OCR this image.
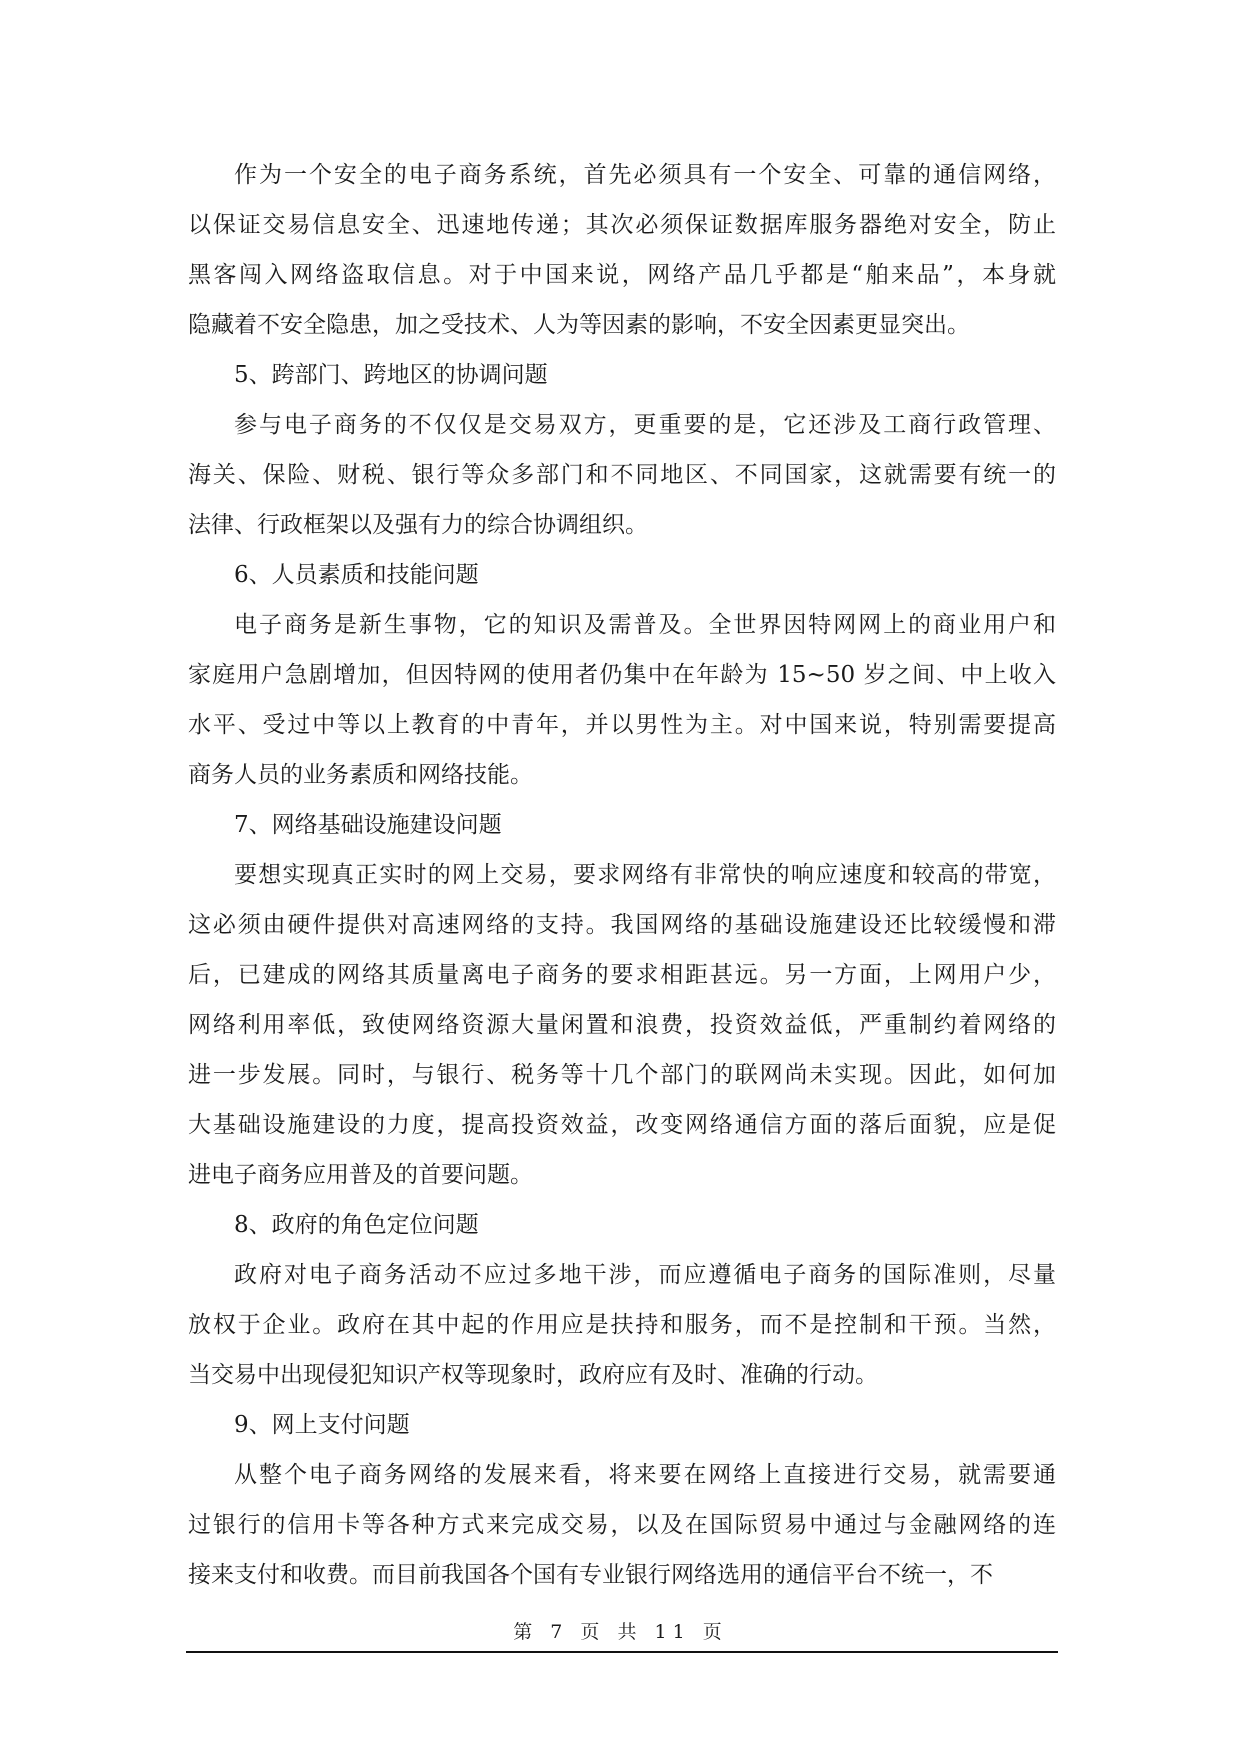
作为一个安全的电子商务系统，首先必须具有一个安全、可靠的通信网络，
以保证交易信息安全、迅速地传递；其次必须保证数据库服务器绝对安全，防止
黑客闯入网络盗取信息。对于中国来说，网络产品几乎都是“舶来品”，本身就
隐藏着不安全隐患，加之受技术、人为等因素的影响，不安全因素更显突出。
5、跨部门、跨地区的协调问题
参与电子商务的不仅仅是交易双方，更重要的是，它还涉及工商行政管理、
海关、保险、财税、银行等众多部门和不同地区、不同国家，这就需要有统一的
法律、行政框架以及强有力的综合协调组织。
6、人员素质和技能问题
电子商务是新生事物，它的知识及需普及。全世界因特网网上的商业用户和
家庭用户急剧增加，但因特网的使用者仍集中在年龄为 15~50 岁之间、中上收入
水平、受过中等以上教育的中青年，并以男性为主。对中国来说，特别需要提高
商务人员的业务素质和网络技能。
7、网络基础设施建设问题
要想实现真正实时的网上交易，要求网络有非常快的响应速度和较高的带宽，
这必须由硬件提供对高速网络的支持。我国网络的基础设施建设还比较缓慢和滞
后，已建成的网络其质量离电子商务的要求相距甚远。另一方面，上网用户少，
网络利用率低，致使网络资源大量闲置和浪费，投资效益低，严重制约着网络的
进一步发展。同时，与银行、税务等十几个部门的联网尚未实现。因此，如何加
大基础设施建设的力度，提高投资效益，改变网络通信方面的落后面貌，应是促
进电子商务应用普及的首要问题。
8、政府的角色定位问题
政府对电子商务活动不应过多地干涉，而应遵循电子商务的国际准则，尽量
放权于企业。政府在其中起的作用应是扶持和服务，而不是控制和干预。当然，
当交易中出现侵犯知识产权等现象时，政府应有及时、准确的行动。
9、网上支付问题
从整个电子商务网络的发展来看，将来要在网络上直接进行交易，就需要通
过银行的信用卡等各种方式来完成交易，以及在国际贸易中通过与金融网络的连
接来支付和收费。而目前我国各个国有专业银行网络选用的通信平台不统一，不
第 7 页 共 11 页
